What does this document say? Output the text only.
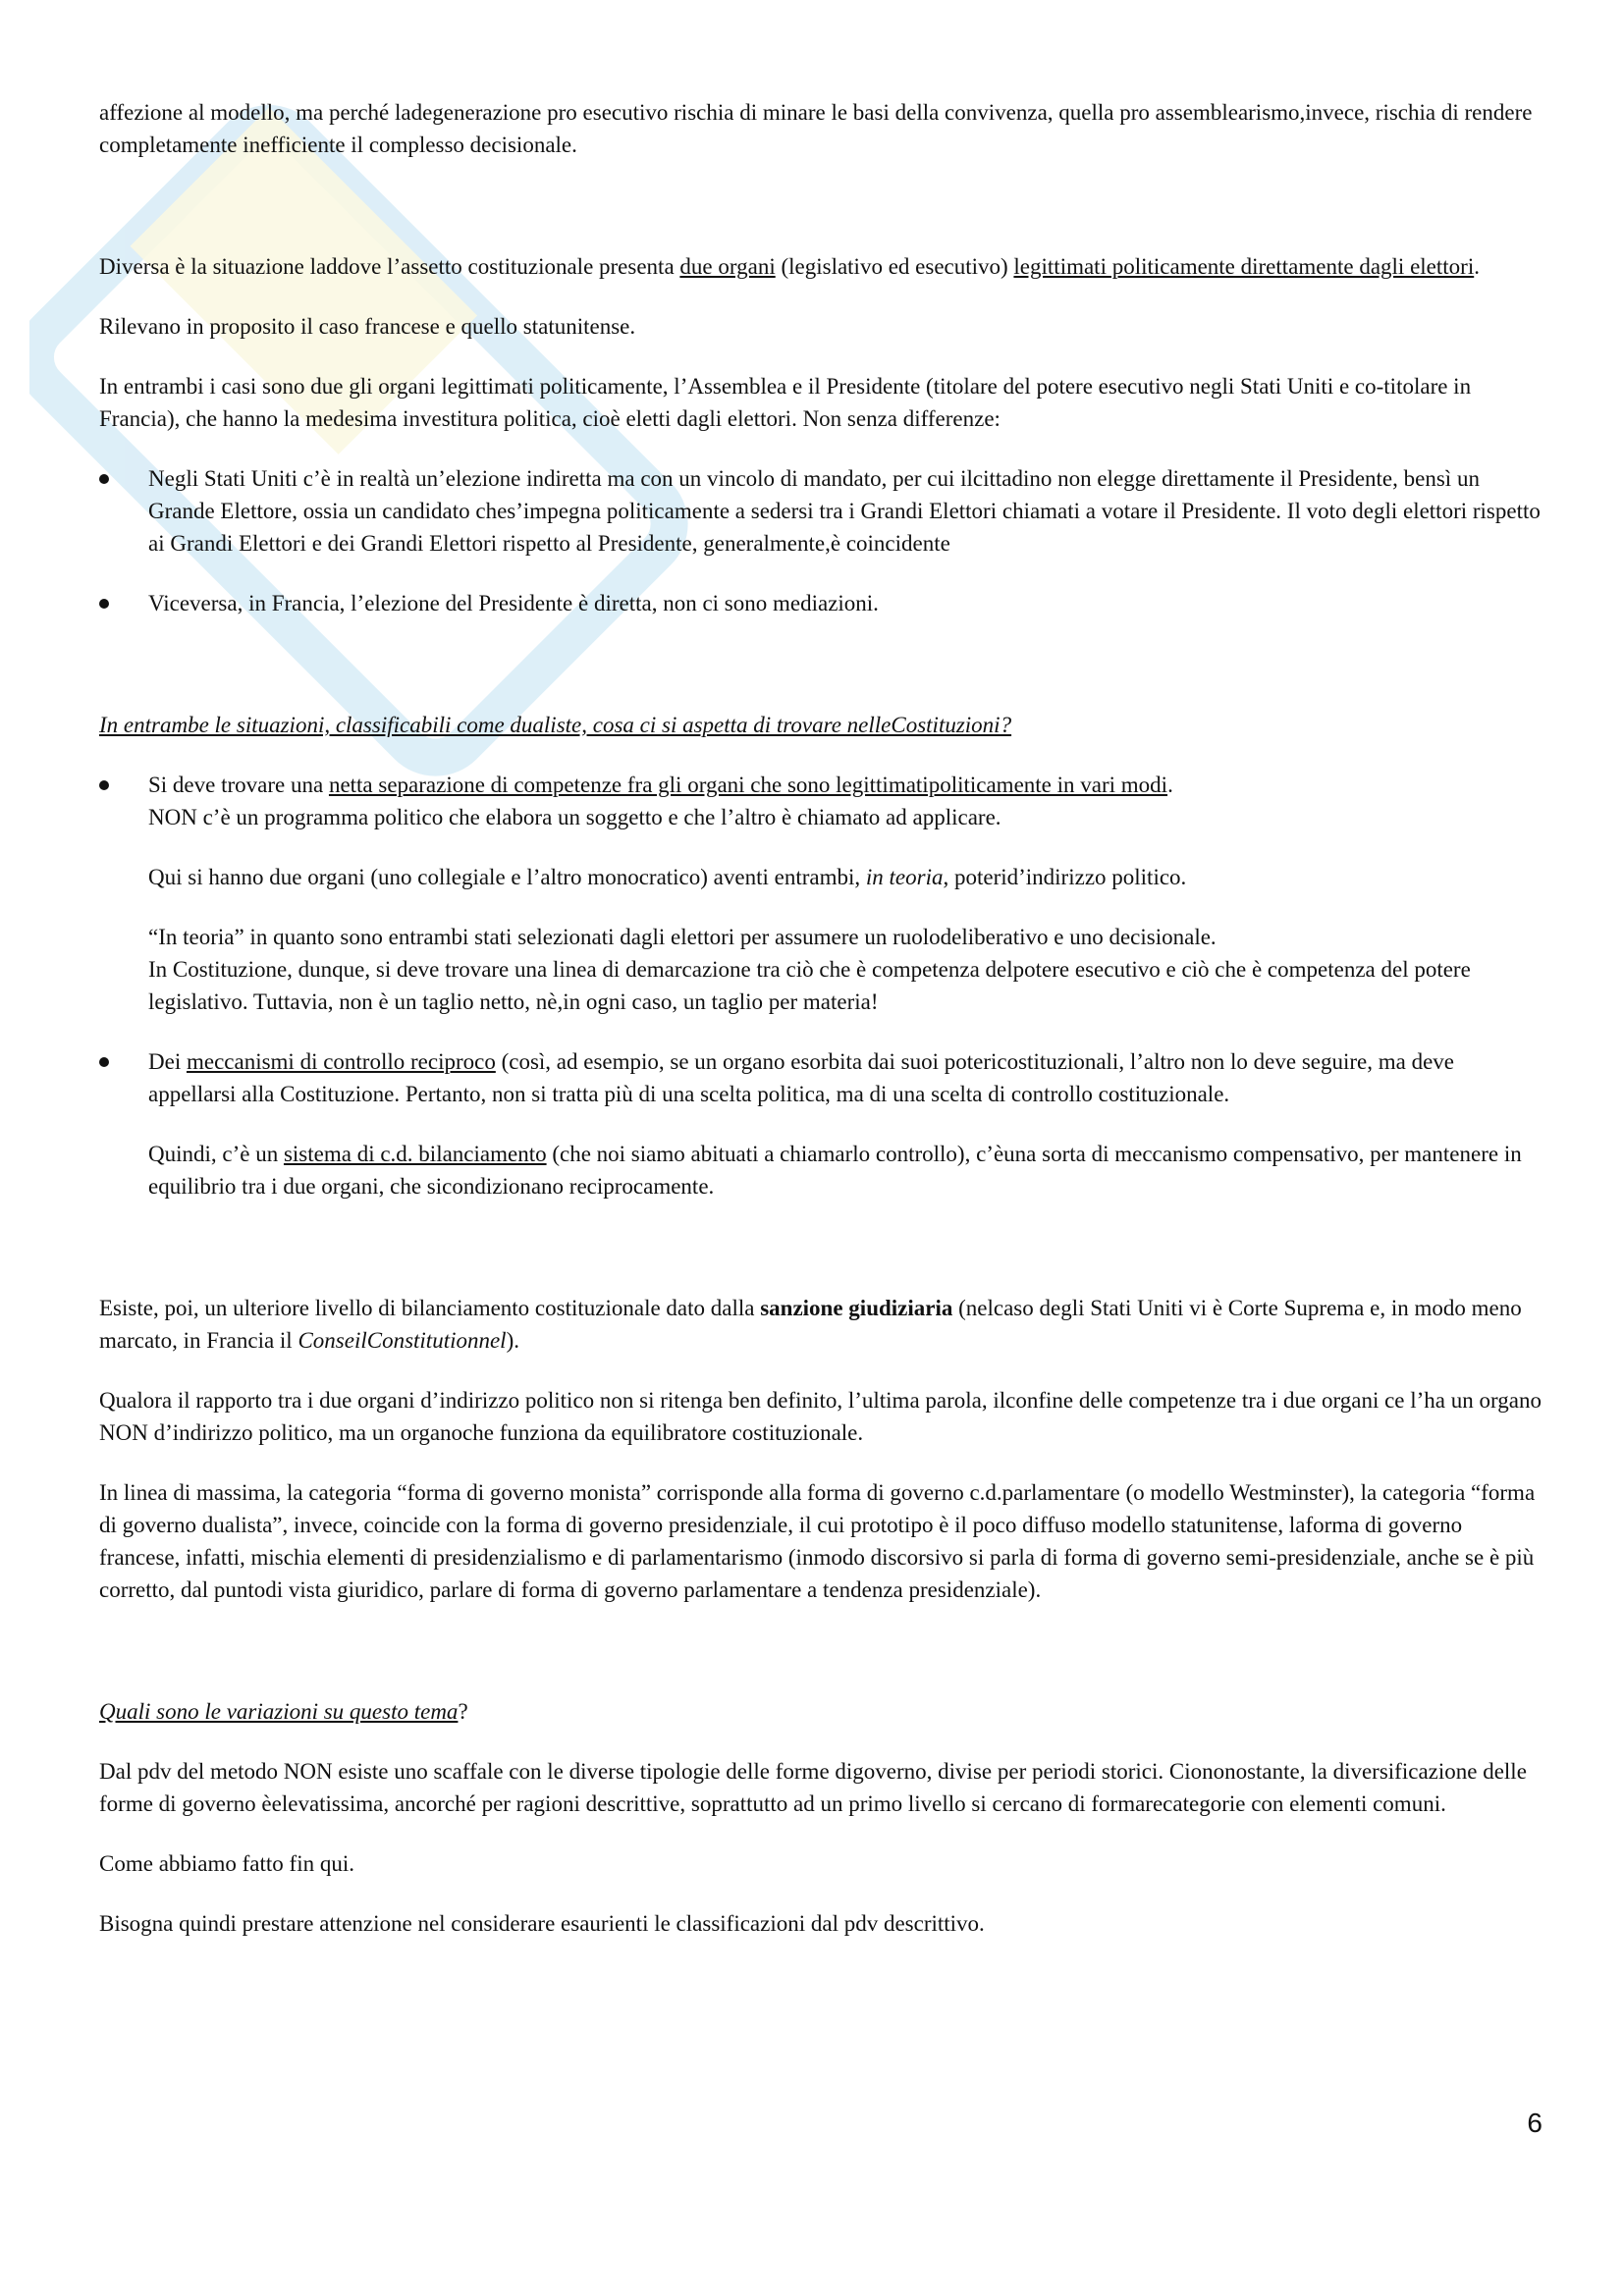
affezione al modello, ma perché ladegenerazione pro esecutivo rischia di minare le basi della convivenza, quella pro assemblearismo,invece, rischia di rendere completamente inefficiente il complesso decisionale.

Diversa è la situazione laddove l’assetto costituzionale presenta due organi (legislativo ed esecutivo) legittimati politicamente direttamente dagli elettori.

Rilevano in proposito il caso francese e quello statunitense.

In entrambi i casi sono due gli organi legittimati politicamente, l’Assemblea e il Presidente (titolare del potere esecutivo negli Stati Uniti e co-titolare in Francia), che hanno la medesima investitura politica, cioè eletti dagli elettori. Non senza differenze:

Negli Stati Uniti c’è in realtà un’elezione indiretta ma con un vincolo di mandato, per cui ilcittadino non elegge direttamente il Presidente, bensì un Grande Elettore, ossia un candidato ches’impegna politicamente a sedersi tra i Grandi Elettori chiamati a votare il Presidente. Il voto degli elettori rispetto ai Grandi Elettori e dei Grandi Elettori rispetto al Presidente, generalmente,è coincidente
Viceversa, in Francia, l’elezione del Presidente è diretta, non ci sono mediazioni.

In entrambe le situazioni, classificabili come dualiste, cosa ci si aspetta di trovare nelleCostituzioni?

Si deve trovare una netta separazione di competenze fra gli organi che sono legittimatipoliticamente in vari modi.

NON c’è un programma politico che elabora un soggetto e che l’altro è chiamato ad applicare.

Qui si hanno due organi (uno collegiale e l’altro monocratico) aventi entrambi, in teoria, poterid’indirizzo politico.

“In teoria” in quanto sono entrambi stati selezionati dagli elettori per assumere un ruolodeliberativo e uno decisionale.

In Costituzione, dunque, si deve trovare una linea di demarcazione tra ciò che è competenza delpotere esecutivo e ciò che è competenza del potere legislativo. Tuttavia, non è un taglio netto, nè,in ogni caso, un taglio per materia!

Dei meccanismi di controllo reciproco (così, ad esempio, se un organo esorbita dai suoi potericostituzionali, l’altro non lo deve seguire, ma deve appellarsi alla Costituzione. Pertanto, non si tratta più di una scelta politica, ma di una scelta di controllo costituzionale.

Quindi, c’è un sistema di c.d. bilanciamento (che noi siamo abituati a chiamarlo controllo), c’èuna sorta di meccanismo compensativo, per mantenere in equilibrio tra i due organi, che sicondizionano reciprocamente.

Esiste, poi, un ulteriore livello di bilanciamento costituzionale dato dalla sanzione giudiziaria (nelcaso degli Stati Uniti vi è Corte Suprema e, in modo meno marcato, in Francia il ConseilConstitutionnel).

Qualora il rapporto tra i due organi d’indirizzo politico non si ritenga ben definito, l’ultima parola, ilconfine delle competenze tra i due organi ce l’ha un organo NON d’indirizzo politico, ma un organoche funziona da equilibratore costituzionale.

In linea di massima, la categoria “forma di governo monista” corrisponde alla forma di governo c.d.parlamentare (o modello Westminster), la categoria “forma di governo dualista”, invece, coincide con la forma di governo presidenziale, il cui prototipo è il poco diffuso modello statunitense, laforma di governo francese, infatti, mischia elementi di presidenzialismo e di parlamentarismo (inmodo discorsivo si parla di forma di governo semi-presidenziale, anche se è più corretto, dal puntodi vista giuridico, parlare di forma di governo parlamentare a tendenza presidenziale).

Quali sono le variazioni su questo tema?

Dal pdv del metodo NON esiste uno scaffale con le diverse tipologie delle forme digoverno, divise per periodi storici. Ciononostante, la diversificazione delle forme di governo èelevatissima, ancorché per ragioni descrittive, soprattutto ad un primo livello si cercano di formarecategorie con elementi comuni.

Come abbiamo fatto fin qui.

Bisogna quindi prestare attenzione nel considerare esaurienti le classificazioni dal pdv descrittivo.

6
